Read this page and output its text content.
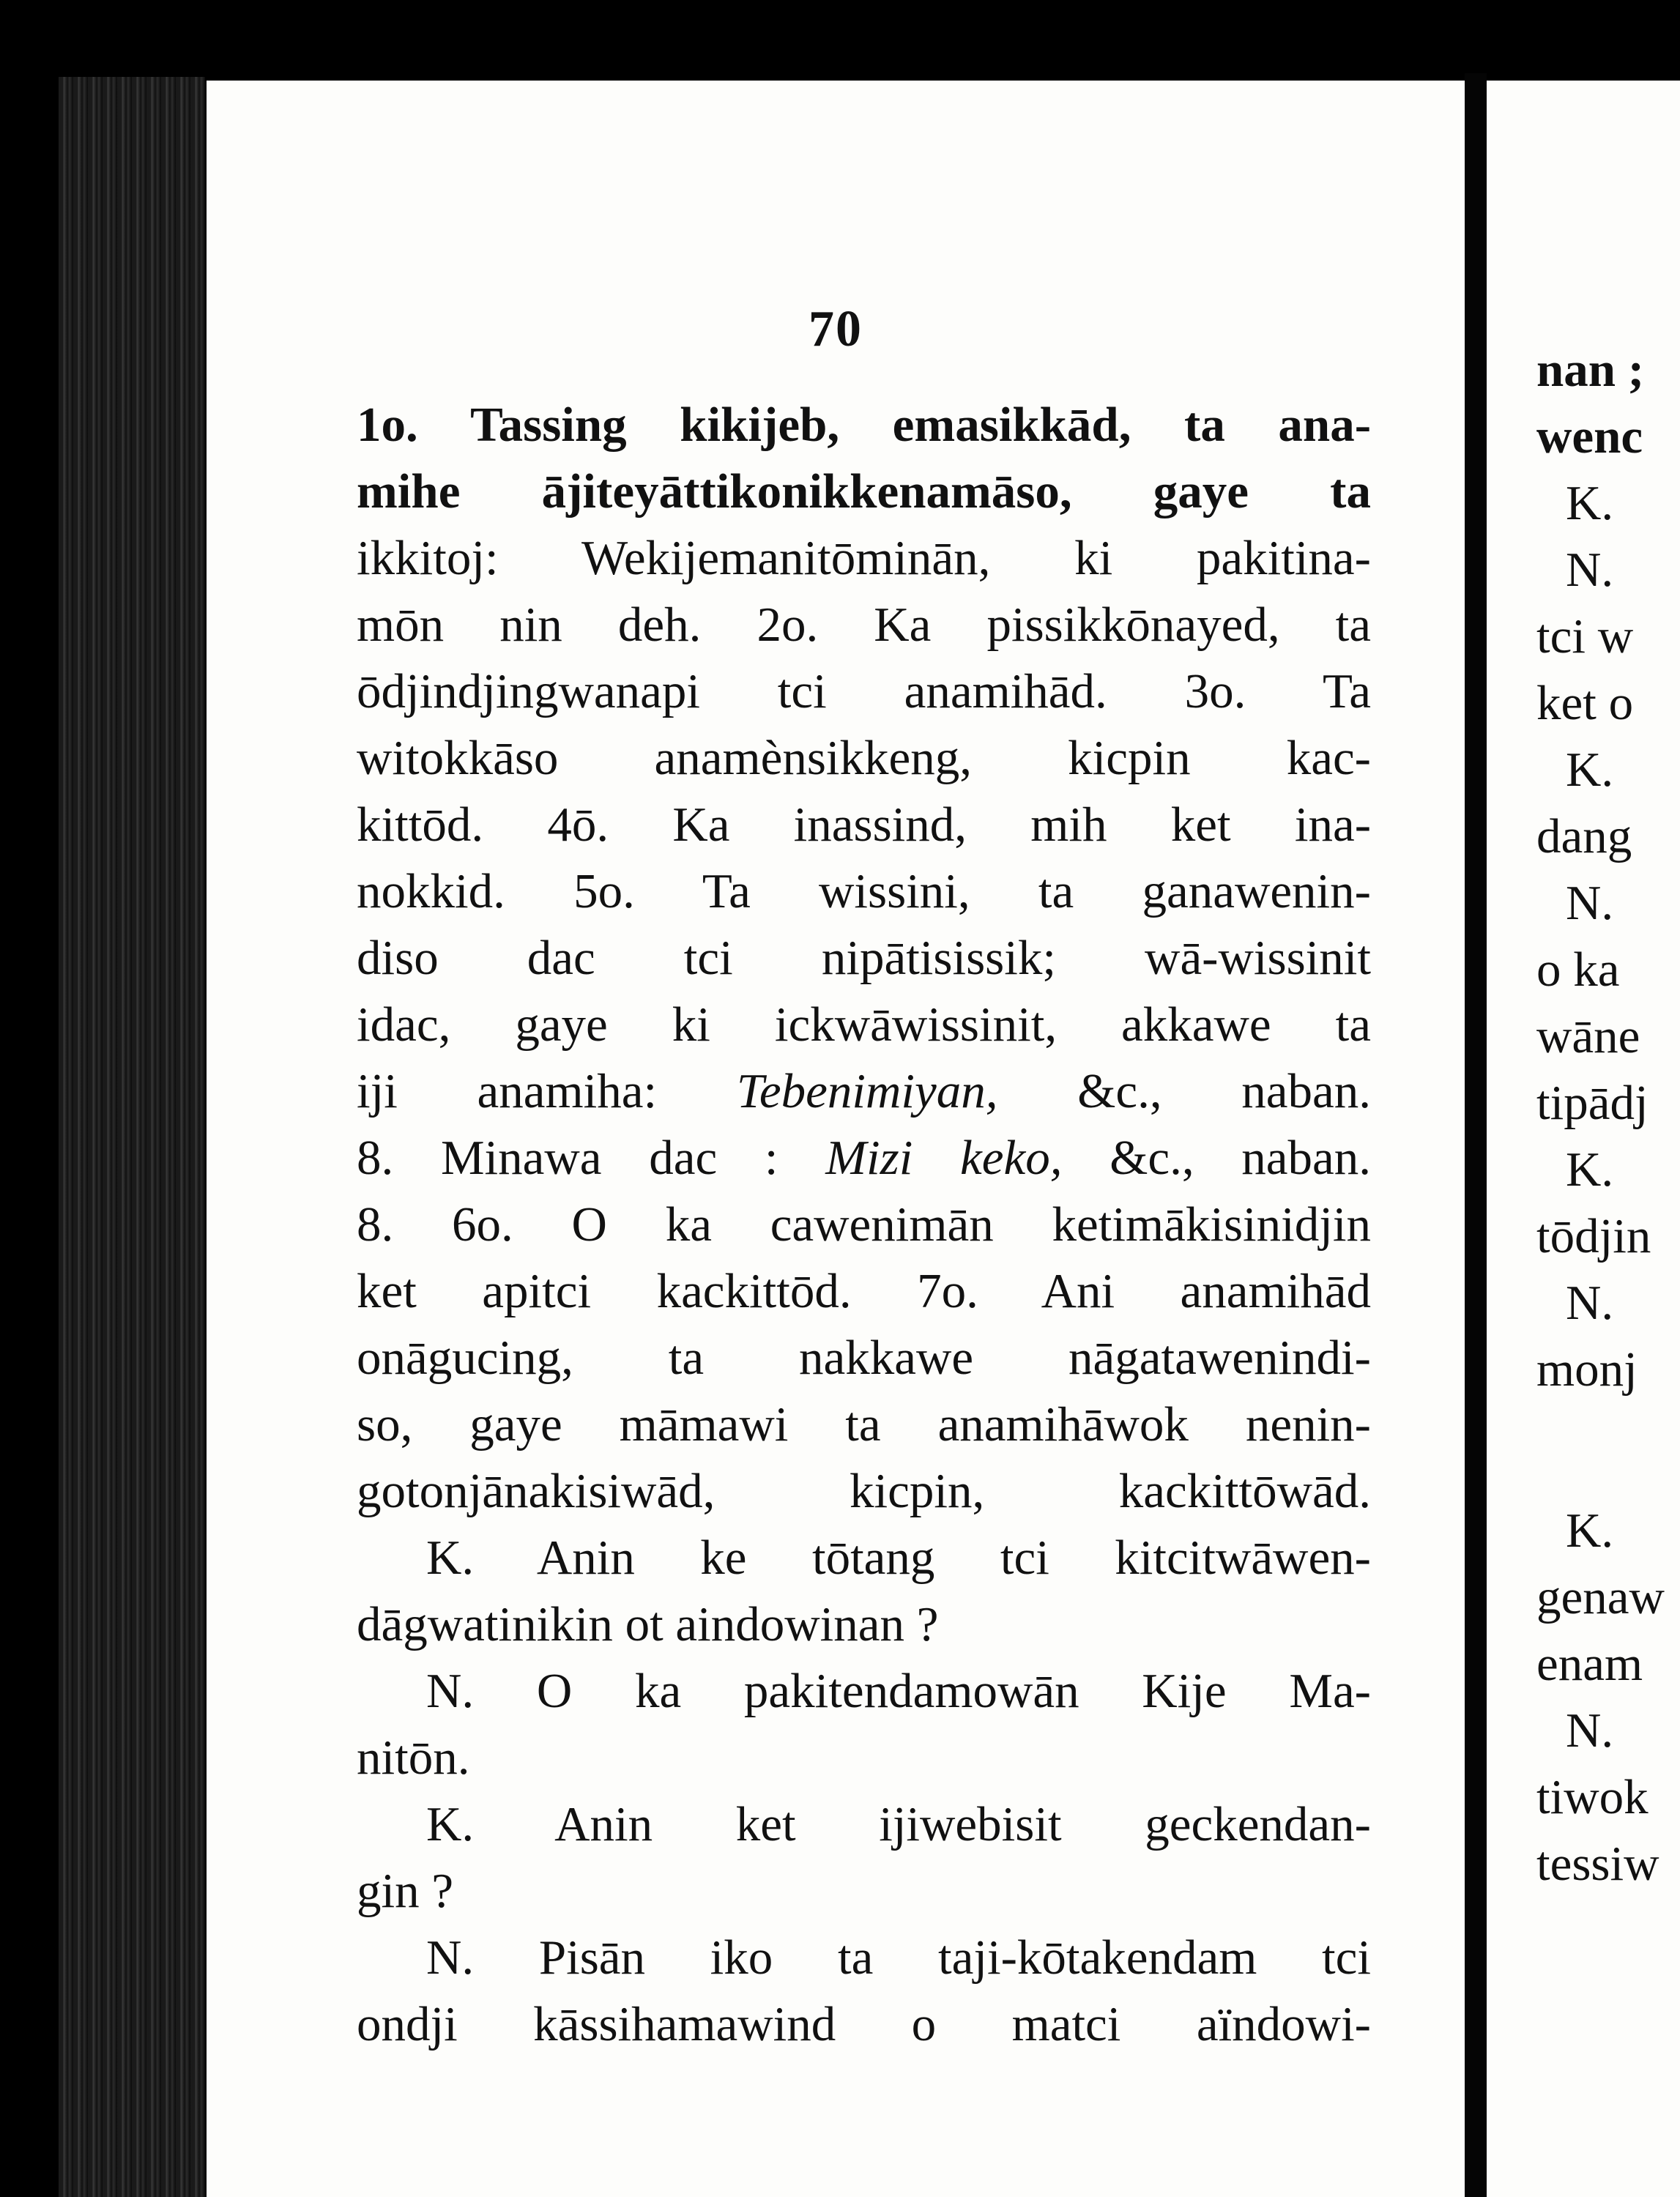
70
1o. Tassing kikijeb, emasikkād, ta ana-
mihe ājiteyāttikonikkenamāso, gaye ta
ikkitoj: Wekijemanitōminān, ki pakitina-
mōn nin deh. 2o. Ka pissikkōnayed, ta
ōdjindjingwanapi tci anamihād. 3o. Ta
witokkāso anamènsikkeng, kicpin kac-
kittōd. 4ō. Ka inassind, mih ket ina-
nokkid. 5o. Ta wissini, ta ganawenin-
diso dac tci nipātisissik; wā-wissinit
idac, gaye ki ickwāwissinit, akkawe ta
iji anamiha: Tebenimiyan, &c., naban.
8. Minawa dac : Mizi keko, &c., naban.
8. 6o. O ka cawenimān ketimākisinidjin
ket apitci kackittōd. 7o. Ani anamihād
onāgucing, ta nakkawe nāgatawenindi-
so, gaye māmawi ta anamihāwok nenin-
gotonjānakisiwād, kicpin, kackittōwād.
K. Anin ke tōtang tci kitcitwāwen-
dāgwatinikin ot aindowinan ?
N. O ka pakitendamowān Kije Ma-
nitōn.
K. Anin ket ijiwebisit geckendan-
gin ?
N. Pisān iko ta taji-kōtakendam tci
ondji kāssihamawind o matci aïndowi-
nan ;
wenc
K.
N.
tci w
ket o
K.
dang
N.
o ka
wāne
tipādj
K.
tōdjin
N.
monj
K.
genaw
enam
N.
tiwok
tessiw
